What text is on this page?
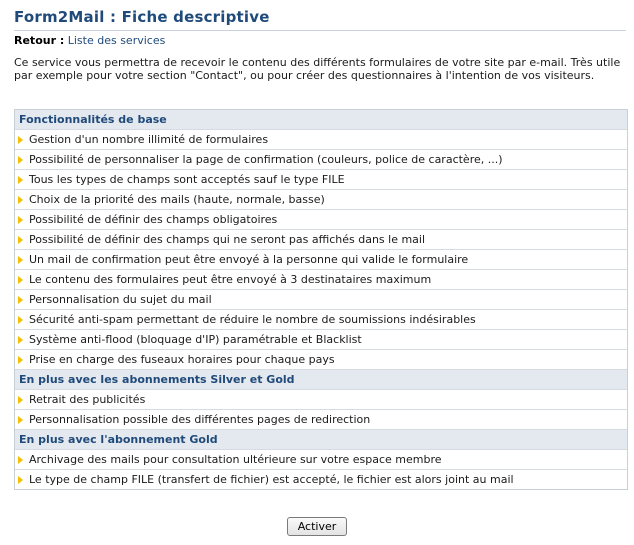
Form2Mail : Fiche descriptive
Retour : Liste des services
Ce service vous permettra de recevoir le contenu des différents formulaires de votre site par e-mail. Très utile par exemple pour votre section "Contact", ou pour créer des questionnaires à l'intention de vos visiteurs.
Fonctionnalités de base
Gestion d'un nombre illimité de formulaires
Possibilité de personnaliser la page de confirmation (couleurs, police de caractère, ...)
Tous les types de champs sont acceptés sauf le type FILE
Choix de la priorité des mails (haute, normale, basse)
Possibilité de définir des champs obligatoires
Possibilité de définir des champs qui ne seront pas affichés dans le mail
Un mail de confirmation peut être envoyé à la personne qui valide le formulaire
Le contenu des formulaires peut être envoyé à 3 destinataires maximum
Personnalisation du sujet du mail
Sécurité anti-spam permettant de réduire le nombre de soumissions indésirables
Système anti-flood (bloquage d'IP) paramétrable et Blacklist
Prise en charge des fuseaux horaires pour chaque pays
En plus avec les abonnements Silver et Gold
Retrait des publicités
Personnalisation possible des différentes pages de redirection
En plus avec l'abonnement Gold
Archivage des mails pour consultation ultérieure sur votre espace membre
Le type de champ FILE (transfert de fichier) est accepté, le fichier est alors joint au mail
Activer
